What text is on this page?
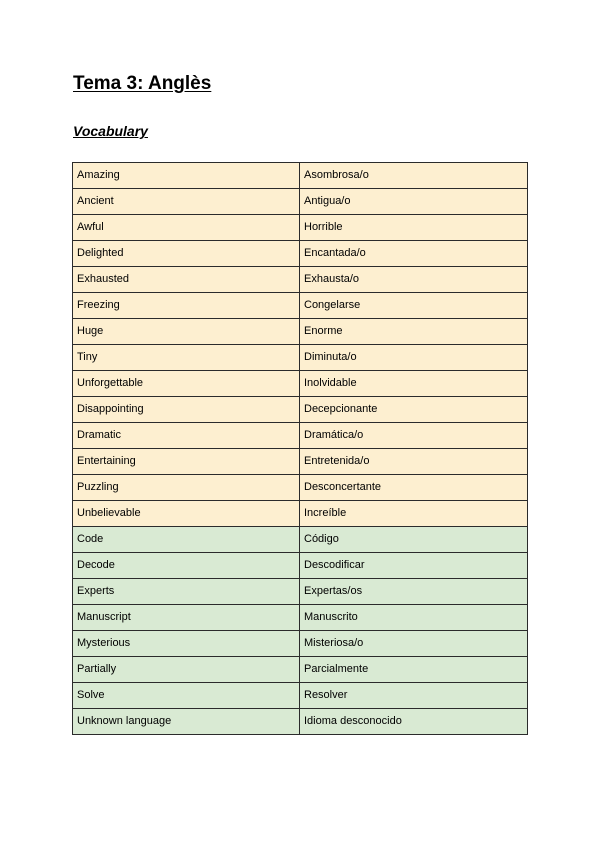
Tema 3: Anglès
Vocabulary
Amazing	Asombrosa/o
Ancient	Antigua/o
Awful	Horrible
Delighted	Encantada/o
Exhausted	Exhausta/o
Freezing	Congelarse
Huge	Enorme
Tiny	Diminuta/o
Unforgettable	Inolvidable
Disappointing	Decepcionante
Dramatic	Dramática/o
Entertaining	Entretenida/o
Puzzling	Desconcertante
Unbelievable	Increíble
Code	Código
Decode	Descodificar
Experts	Expertas/os
Manuscript	Manuscrito
Mysterious	Misteriosa/o
Partially	Parcialmente
Solve	Resolver
Unknown language	Idioma desconocido
